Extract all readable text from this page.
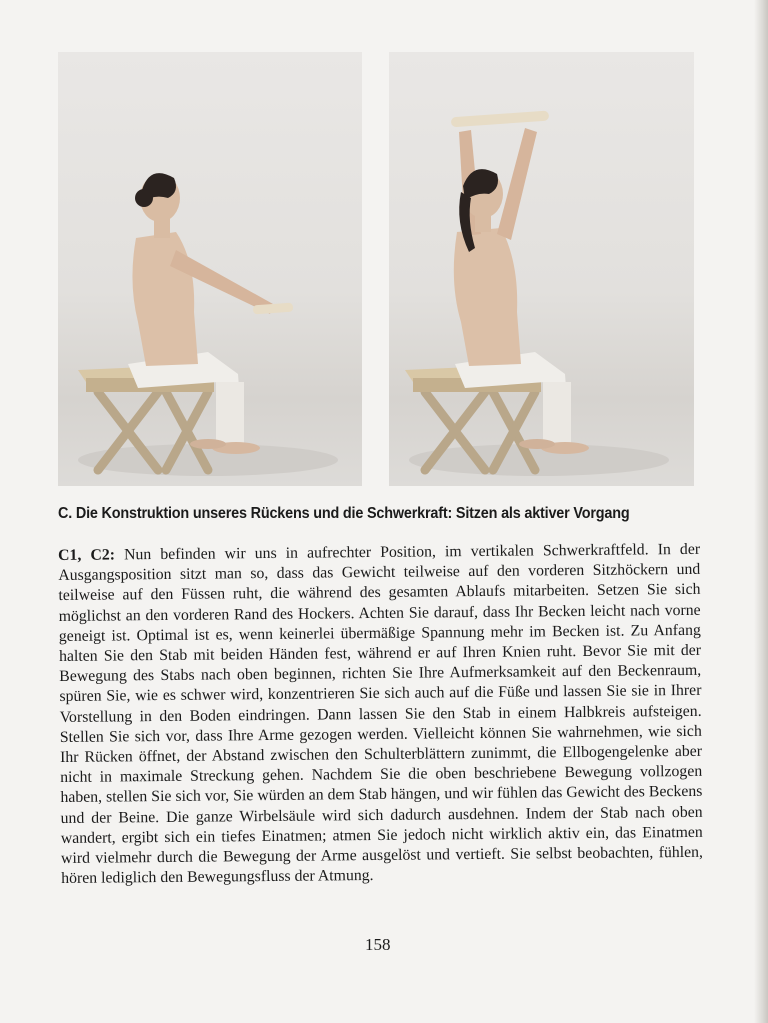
C. Die Konstruktion unseres Rückens und die Schwerkraft: Sitzen als aktiver Vorgang
C1, C2: Nun befinden wir uns in aufrechter Position, im vertikalen Schwerkraftfeld. In der Ausgangsposition sitzt man so, dass das Gewicht teilweise auf den vorderen Sitzhöckern und teilweise auf den Füssen ruht, die während des gesamten Ablaufs mitarbeiten. Setzen Sie sich möglichst an den vorderen Rand des Hockers. Achten Sie darauf, dass Ihr Becken leicht nach vorne geneigt ist. Optimal ist es, wenn keinerlei übermäßige Spannung mehr im Becken ist. Zu Anfang halten Sie den Stab mit beiden Händen fest, während er auf Ihren Knien ruht. Bevor Sie mit der Bewegung des Stabs nach oben beginnen, richten Sie Ihre Aufmerksamkeit auf den Beckenraum, spüren Sie, wie es schwer wird, konzentrieren Sie sich auch auf die Füße und lassen Sie sie in Ihrer Vorstellung in den Boden eindringen. Dann lassen Sie den Stab in einem Halbkreis aufsteigen. Stellen Sie sich vor, dass Ihre Arme gezogen werden. Vielleicht können Sie wahrnehmen, wie sich Ihr Rücken öffnet, der Abstand zwischen den Schulterblättern zunimmt, die Ellbogengelenke aber nicht in maximale Streckung gehen. Nachdem Sie die oben beschriebene Bewegung vollzogen haben, stellen Sie sich vor, Sie würden an dem Stab hängen, und wir fühlen das Gewicht des Beckens und der Beine. Die ganze Wirbelsäule wird sich dadurch ausdehnen. Indem der Stab nach oben wandert, ergibt sich ein tiefes Einatmen; atmen Sie jedoch nicht wirklich aktiv ein, das Einatmen wird vielmehr durch die Bewegung der Arme ausgelöst und vertieft. Sie selbst beobachten, fühlen, hören lediglich den Bewegungsfluss der Atmung.
158
